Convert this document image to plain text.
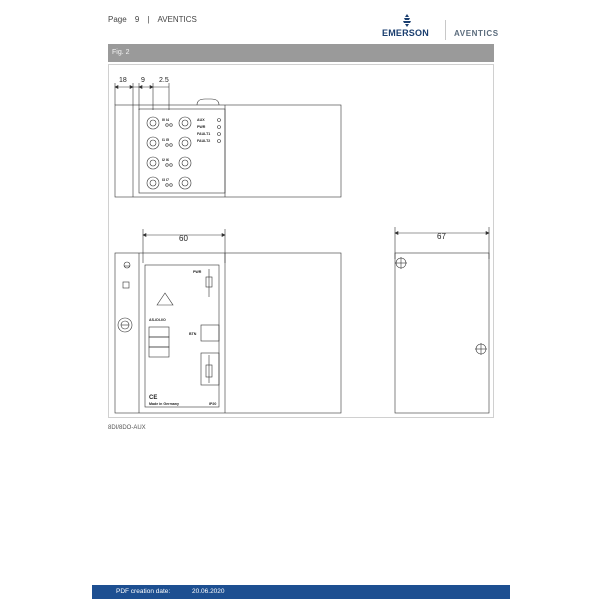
Page 9 | AVENTICS
EMERSON	AVENTICS
Fig. 2
18 9 2.5
60	67
I0 I4
I1 I5
I2 I6
I3 I7
AUX
PWR
FAULT1
FAULT2
PWR
BTN
AS-iDI-I/O
CE
Made in Germany	IP20
8DI/8DO-AUX
PDF creation date:	20.06.2020
